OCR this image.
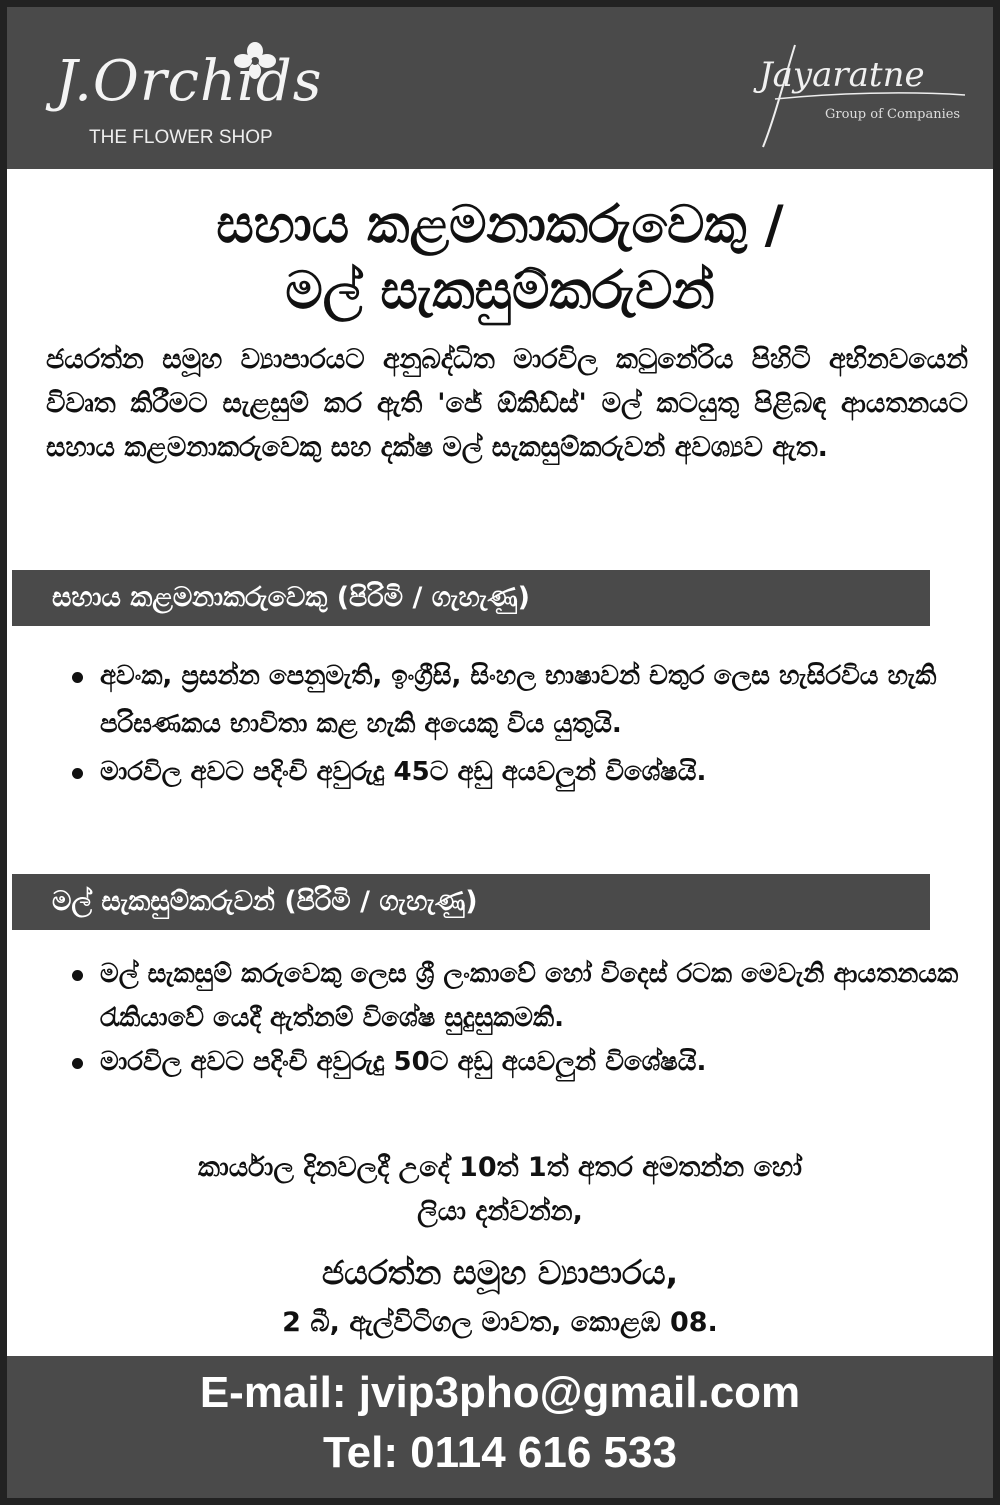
J.Orchids
THE FLOWER SHOP
Jayaratne
Group of Companies
සහාය කළමනාකරුවෙකු /
මල් සැකසුම්කරුවන්

ජයරත්න සමූහ ව්‍යාපාරයට අනුබද්ධිත මාරවිල කටුනේරිය පිහිටි අභිනවයෙන් විවෘත කිරීමට සැළසුම් කර ඇති 'ජේ ඕකිඩ්ස්' මල් කටයුතු පිළිබඳ ආයතනයට සහාය කළමනාකරුවෙකු සහ දක්ෂ මල් සැකසුම්කරුවන් අවශ්‍යව ඇත.

සහාය කළමනාකරුවෙකු (පිරිමි / ගැහැණු)
අවංක, ප්‍රසන්න පෙනුමැති, ඉංග්‍රීසි, සිංහල භාෂාවන් චතුර ලෙස හැසිරවිය හැකි පරිඝණකය භාවිතා කළ හැකි අයෙකු විය යුතුයි.
මාරවිල අවට පදිංචි අවුරුදු 45ට අඩු අයවලුන් විශේෂයි.
මල් සැකසුම්කරුවන් (පිරිමි / ගැහැණු)
මල් සැකසුම් කරුවෙකු ලෙස ශ්‍රී ලංකාවේ හෝ විදෙස් රටක මෙවැනි ආයතනයක රැකියාවේ යෙදී ඇත්නම් විශේෂ සුදුසුකමකි.
මාරවිල අවට පදිංචි අවුරුදු 50ට අඩු අයවලුන් විශේෂයි.

කාර්යාල දිනවලදී උදේ 10ත් 1ත් අතර අමතන්න හෝ

ලියා දන්වන්න,

ජයරත්න සමූහ ව්‍යාපාරය,

2 බී, ඇල්විටිගල මාවත, කොළඹ 08.

E-mail: jvip3pho@gmail.com
Tel: 0114 616 533
